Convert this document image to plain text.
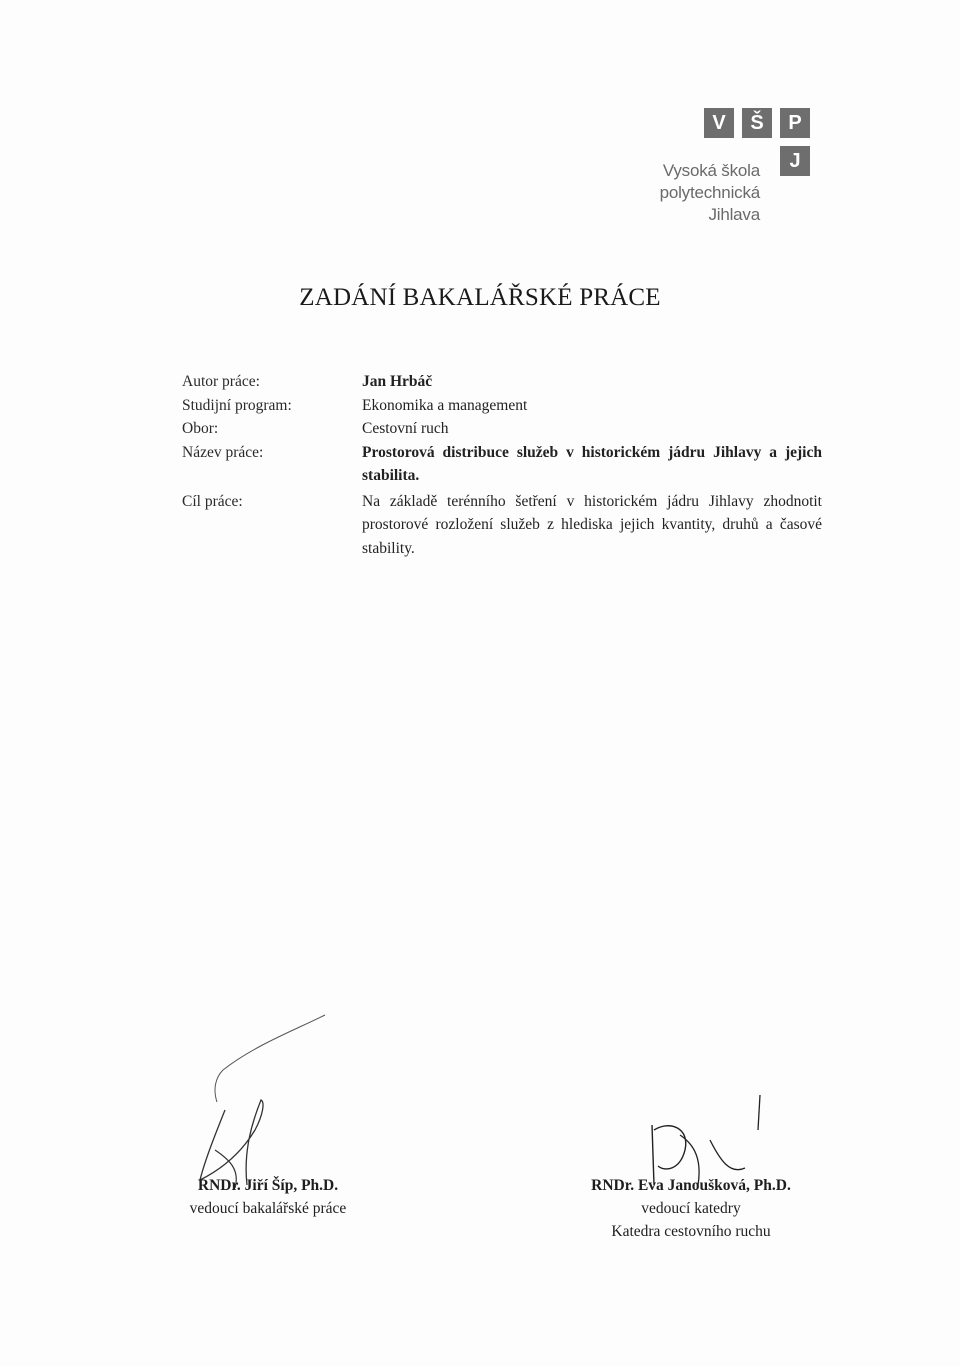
V	Š	P
J
Vysoká škola
polytechnická
Jihlava
ZADÁNÍ BAKALÁŘSKÉ PRÁCE
Autor práce:	Jan Hrbáč
Studijní program:	Ekonomika a management
Obor:	Cestovní ruch
Název práce:	Prostorová distribuce služeb v historickém jádru Jihlavy a jejich stabilita.
Cíl práce:	Na základě terénního šetření v historickém jádru Jihlavy zhodnotit prostorové rozložení služeb z hlediska jejich kvantity, druhů a časové stability.
RNDr. Jiří Šíp, Ph.D.
vedoucí bakalářské práce
RNDr. Eva Janoušková, Ph.D.
vedoucí katedry
Katedra cestovního ruchu
